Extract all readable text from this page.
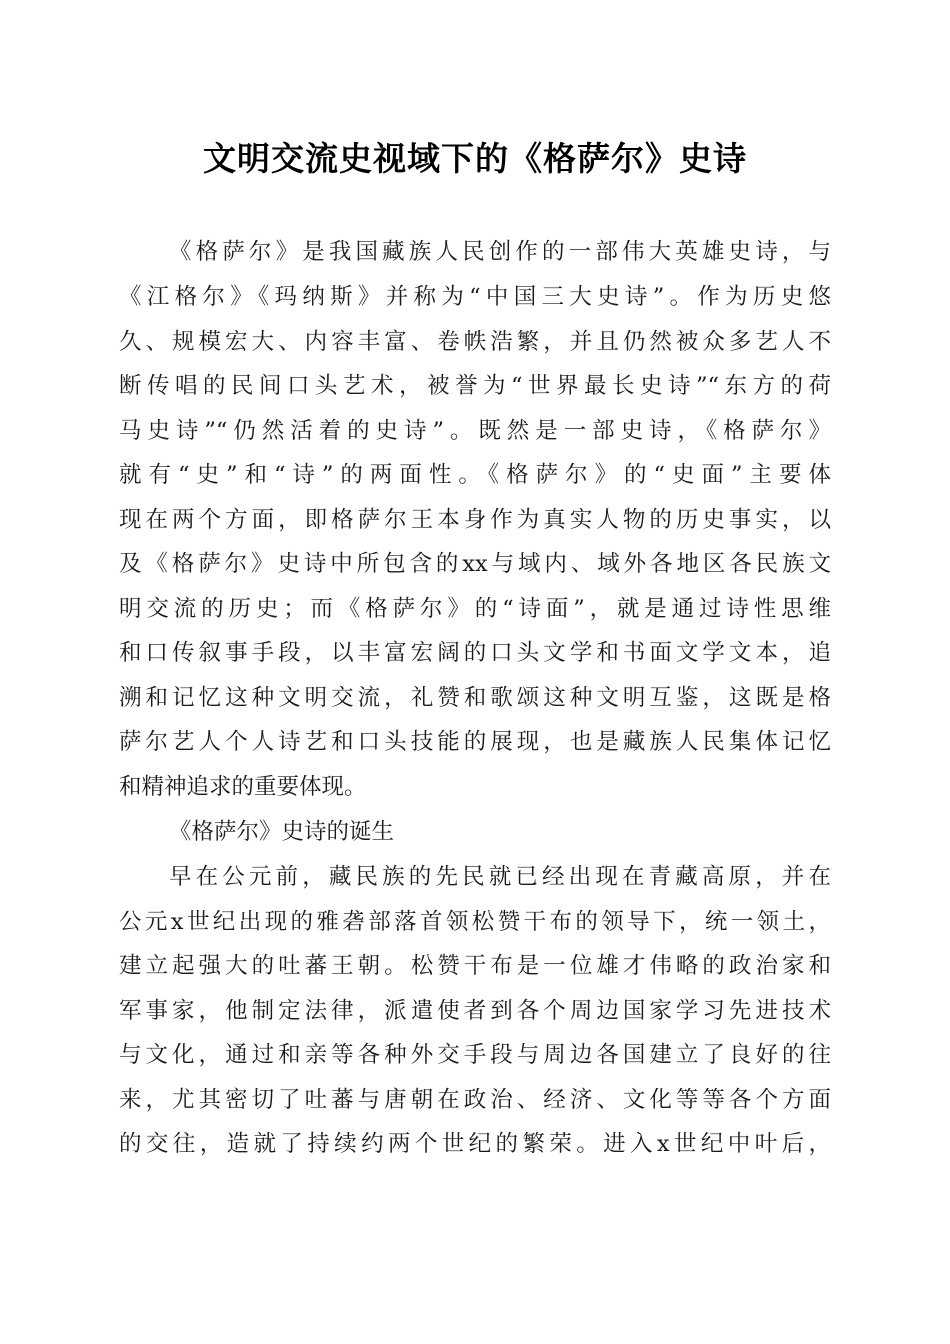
文明交流史视域下的《格萨尔》史诗
《格萨尔》是我国藏族人民创作的一部伟大英雄史诗，与
《江格尔》《玛纳斯》并称为“中国三大史诗”。作为历史悠
久、规模宏大、内容丰富、卷帙浩繁，并且仍然被众多艺人不
断传唱的民间口头艺术，被誉为“世界最长史诗”“东方的荷
马史诗”“仍然活着的史诗”。既然是一部史诗，《格萨尔》
就有“史”和“诗”的两面性。《格萨尔》的“史面”主要体
现在两个方面，即格萨尔王本身作为真实人物的历史事实，以
及《格萨尔》史诗中所包含的xx与域内、域外各地区各民族文
明交流的历史；而《格萨尔》的“诗面”，就是通过诗性思维
和口传叙事手段，以丰富宏阔的口头文学和书面文学文本，追
溯和记忆这种文明交流，礼赞和歌颂这种文明互鉴，这既是格
萨尔艺人个人诗艺和口头技能的展现，也是藏族人民集体记忆
和精神追求的重要体现。
《格萨尔》史诗的诞生
早在公元前，藏民族的先民就已经出现在青藏高原，并在
公元x世纪出现的雅砻部落首领松赞干布的领导下，统一领土，
建立起强大的吐蕃王朝。松赞干布是一位雄才伟略的政治家和
军事家，他制定法律，派遣使者到各个周边国家学习先进技术
与文化，通过和亲等各种外交手段与周边各国建立了良好的往
来，尤其密切了吐蕃与唐朝在政治、经济、文化等等各个方面
的交往，造就了持续约两个世纪的繁荣。进入x世纪中叶后，
